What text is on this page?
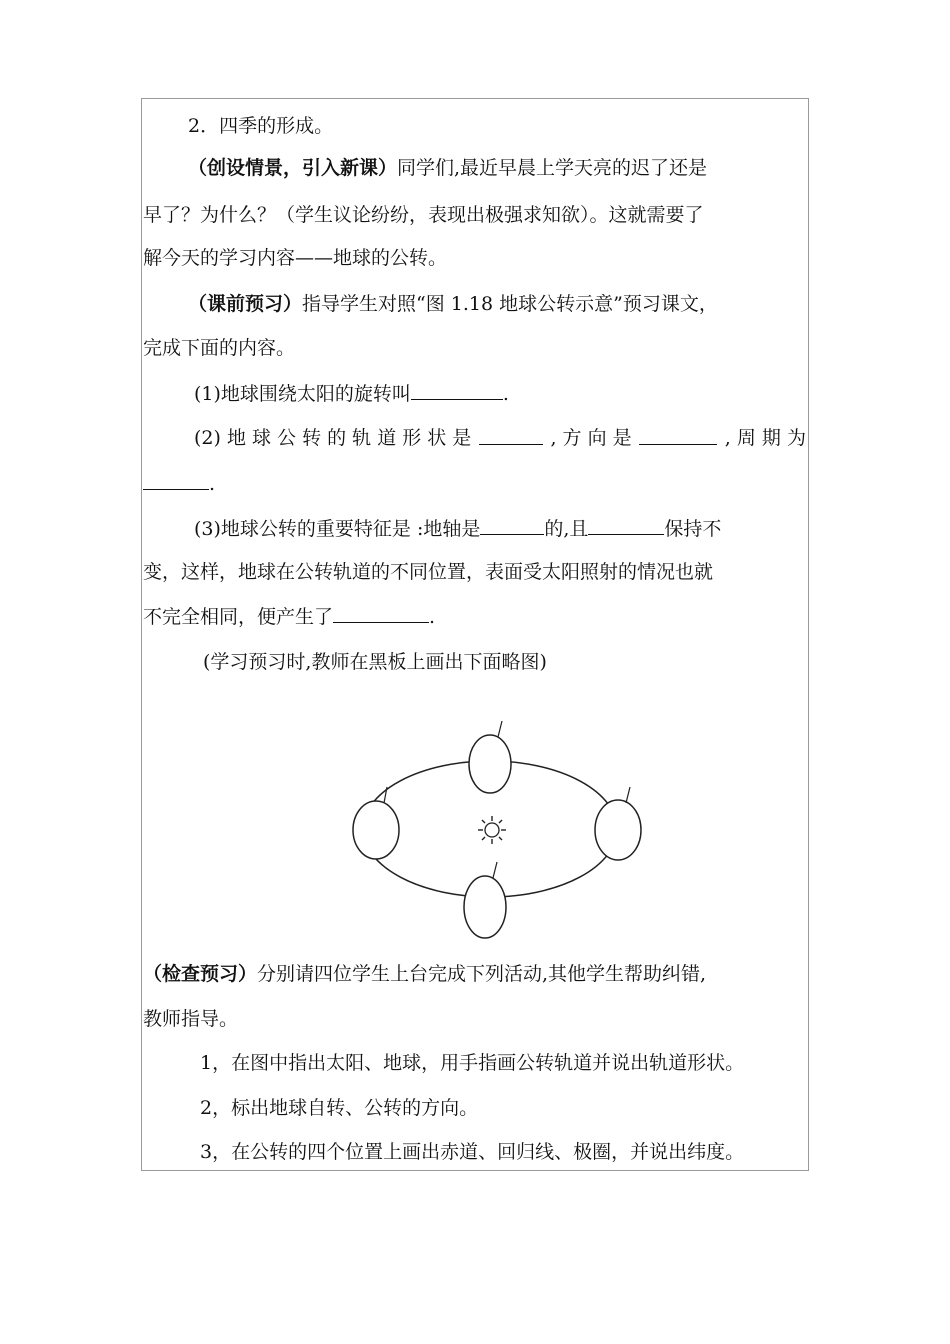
2．四季的形成。
（创设情景，引入新课）同学们,最近早晨上学天亮的迟了还是
早了？为什么？（学生议论纷纷，表现出极强求知欲）。这就需要了
解今天的学习内容——地球的公转。
（课前预习）指导学生对照“图 1.18 地球公转示意”预习课文，
完成下面的内容。
(1)地球围绕太阳的旋转叫	.
(2) 地 球 公 转 的 轨 道 形 状 是	, 方 向 是	, 周 期 为
.
(3)地球公转的重要特征是 :地轴是	的,且	保持不
变，这样，地球在公转轨道的不同位置，表面受太阳照射的情况也就
不完全相同，便产生了	.
(学习预习时,教师在黑板上画出下面略图)
（检查预习）分别请四位学生上台完成下列活动,其他学生帮助纠错,
教师指导。
1，在图中指出太阳、地球，用手指画公转轨道并说出轨道形状。
2，标出地球自转、公转的方向。
3，在公转的四个位置上画出赤道、回归线、极圈，并说出纬度。
